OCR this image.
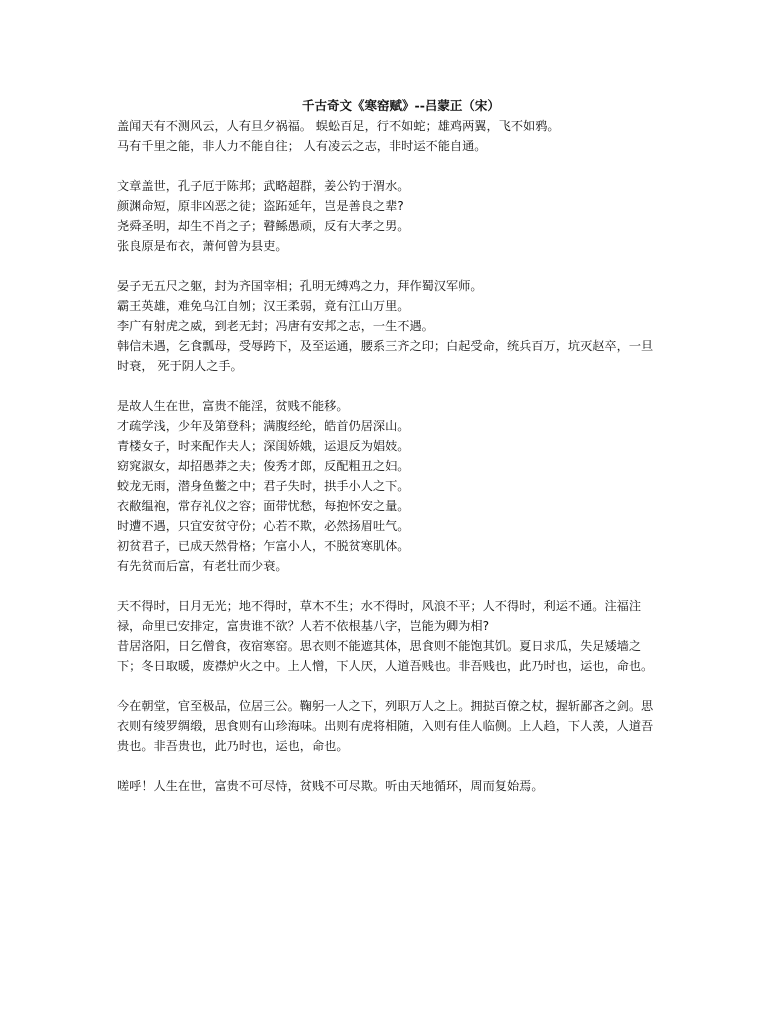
千古奇文《寒窑赋》--吕蒙正（宋）
盖闻天有不测风云，人有旦夕祸福。 蜈蚣百足，行不如蛇；雄鸡两翼，飞不如鸦。
马有千里之能，非人力不能自往； 人有凌云之志，非时运不能自通。
文章盖世，孔子厄于陈邦；武略超群，姜公钓于渭水。
颜渊命短，原非凶恶之徒；盗跖延年，岂是善良之辈?
尧舜圣明，却生不肖之子；瞽鲧愚顽，反有大孝之男。
张良原是布衣，萧何曾为县吏。
晏子无五尺之躯，封为齐国宰相；孔明无缚鸡之力，拜作蜀汉军师。
霸王英雄，难免乌江自刎；汉王柔弱，竟有江山万里。
李广有射虎之威，到老无封；冯唐有安邦之志，一生不遇。
韩信未遇，乞食瓢母，受辱跨下，及至运通，腰系三齐之印；白起受命，统兵百万，坑灭赵卒，一旦时衰， 死于阴人之手。
是故人生在世，富贵不能淫，贫贱不能移。
才疏学浅，少年及第登科；满腹经纶，皓首仍居深山。
青楼女子，时来配作夫人；深闺娇娥，运退反为娼妓。
窈窕淑女，却招愚莽之夫；俊秀才郎，反配粗丑之妇。
蛟龙无雨，潜身鱼鳖之中；君子失时，拱手小人之下。
衣敝缊袍，常存礼仪之容；面带忧愁，每抱怀安之量。
时遭不遇，只宜安贫守份；心若不欺，必然扬眉吐气。
初贫君子，已成天然骨格；乍富小人，不脱贫寒肌体。
有先贫而后富，有老壮而少衰。
天不得时，日月无光；地不得时，草木不生；水不得时，风浪不平；人不得时，利运不通。注福注禄，命里已安排定，富贵谁不欲？人若不依根基八字，岂能为卿为相?
昔居洛阳，日乞僧食，夜宿寒窑。思衣则不能遮其体，思食则不能饱其饥。夏日求瓜，失足矮墙之下；冬日取暖，废襟炉火之中。上人憎，下人厌，人道吾贱也。非吾贱也，此乃时也，运也，命也。
今在朝堂，官至极品，位居三公。鞠躬一人之下，列职万人之上。拥挞百僚之杖，握斩鄙吝之剑。思衣则有绫罗绸缎，思食则有山珍海味。出则有虎将相随，入则有佳人临侧。上人趋，下人羡，人道吾贵也。非吾贵也，此乃时也，运也，命也。
嗟呼！人生在世，富贵不可尽恃，贫贱不可尽欺。听由天地循环，周而复始焉。
